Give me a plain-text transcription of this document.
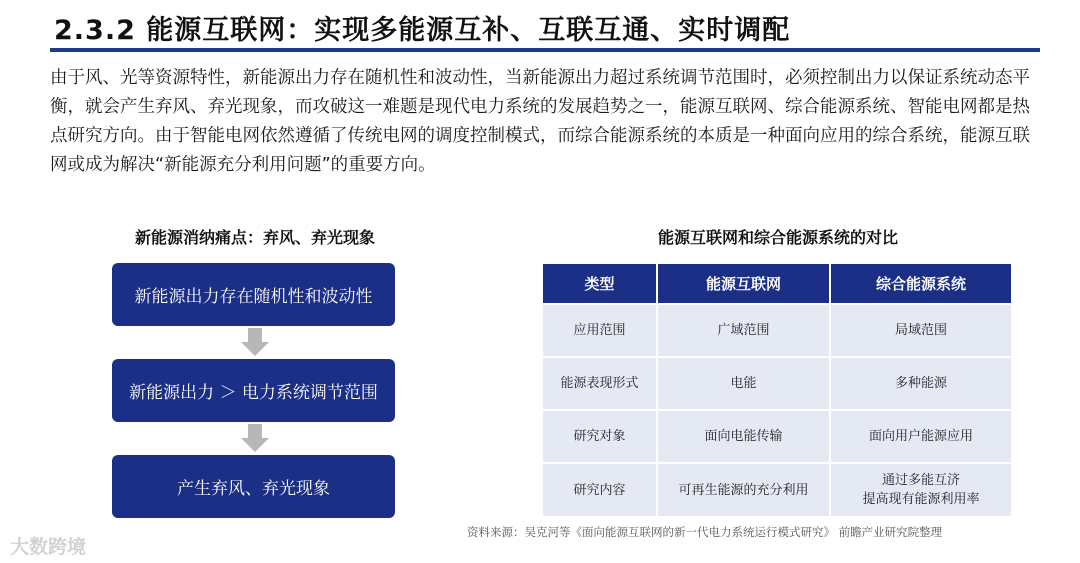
2.3.2 能源互联网：实现多能源互补、互联互通、实时调配

由于风、光等资源特性，新能源出力存在随机性和波动性，当新能源出力超过系统调节范围时，必须控制出力以保证系统动态平衡，就会产生弃风、弃光现象，而攻破这一难题是现代电力系统的发展趋势之一，能源互联网、综合能源系统、智能电网都是热点研究方向。由于智能电网依然遵循了传统电网的调度控制模式，而综合能源系统的本质是一种面向应用的综合系统，能源互联网或成为解决“新能源充分利用问题”的重要方向。

新能源消纳痛点：弃风、弃光现象
新能源出力存在随机性和波动性
新能源出力 ＞ 电力系统调节范围
产生弃风、弃光现象
能源互联网和综合能源系统的对比
类型	能源互联网	综合能源系统
应用范围	广域范围	局域范围
能源表现形式	电能	多种能源
研究对象	面向电能传输	面向用户能源应用
研究内容	可再生能源的充分利用	通过多能互济
提高现有能源利用率
资料来源：吴克河等《面向能源互联网的新一代电力系统运行模式研究》 前瞻产业研究院整理
大数跨境
